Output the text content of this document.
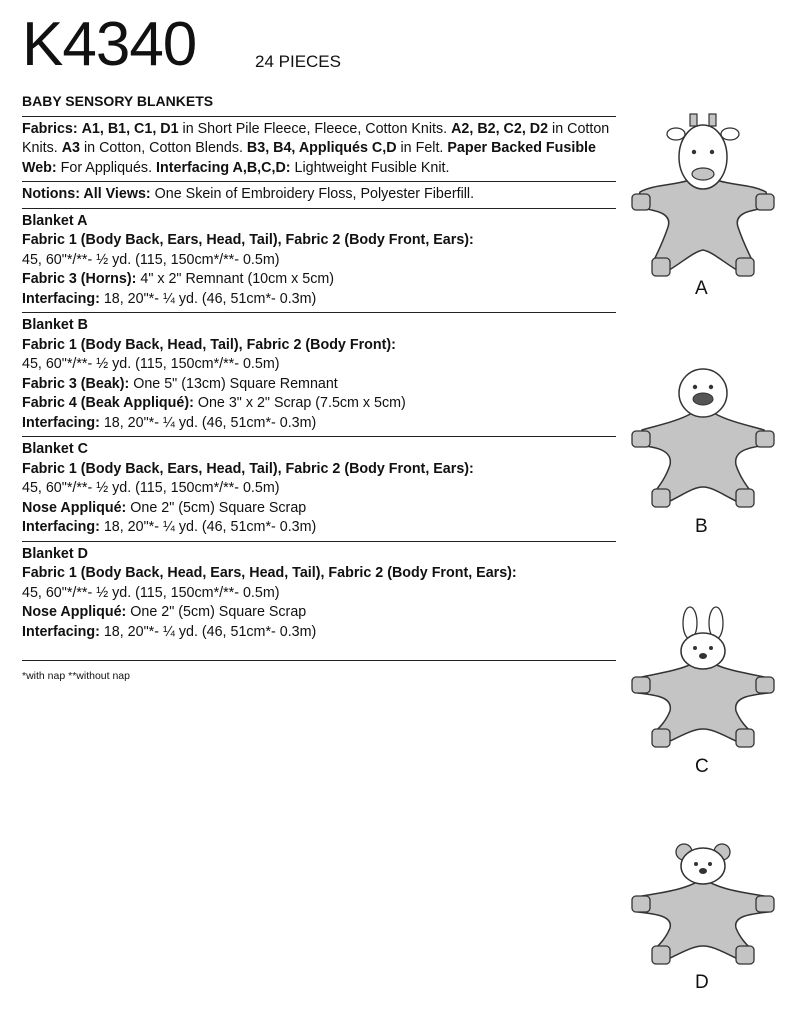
K4340	24 PIECES
BABY SENSORY BLANKETS
Fabrics: A1, B1, C1, D1 in Short Pile Fleece, Fleece, Cotton Knits. A2, B2, C2, D2 in Cotton Knits. A3 in Cotton, Cotton Blends. B3, B4, Appliqués C,D in Felt. Paper Backed Fusible Web: For Appliqués. Interfacing A,B,C,D: Lightweight Fusible Knit.
Notions: All Views: One Skein of Embroidery Floss, Polyester Fiberfill.
Blanket A
Fabric 1 (Body Back, Ears, Head, Tail), Fabric 2 (Body Front, Ears):
45, 60"*/**- ½ yd. (115, 150cm*/**- 0.5m)
Fabric 3 (Horns): 4" x 2" Remnant (10cm x 5cm)
Interfacing: 18, 20"*- ¼ yd. (46, 51cm*- 0.3m)
Blanket B
Fabric 1 (Body Back, Head, Tail), Fabric 2 (Body Front):
45, 60"*/**- ½ yd. (115, 150cm*/**- 0.5m)
Fabric 3 (Beak): One 5" (13cm) Square Remnant
Fabric 4 (Beak Appliqué): One 3" x 2" Scrap (7.5cm x 5cm)
Interfacing: 18, 20"*- ¼ yd. (46, 51cm*- 0.3m)
Blanket C
Fabric 1 (Body Back, Ears, Head, Tail), Fabric 2 (Body Front, Ears):
45, 60"*/**- ½ yd. (115, 150cm*/**- 0.5m)
Nose Appliqué: One 2" (5cm) Square Scrap
Interfacing: 18, 20"*- ¼ yd. (46, 51cm*- 0.3m)
Blanket D
Fabric 1 (Body Back, Head, Ears, Head, Tail), Fabric 2 (Body Front, Ears):
45, 60"*/**- ½ yd. (115, 150cm*/**- 0.5m)
Nose Appliqué: One 2" (5cm) Square Scrap
Interfacing: 18, 20"*- ¼ yd. (46, 51cm*- 0.3m)
*with nap **without nap
A
B
C
D
